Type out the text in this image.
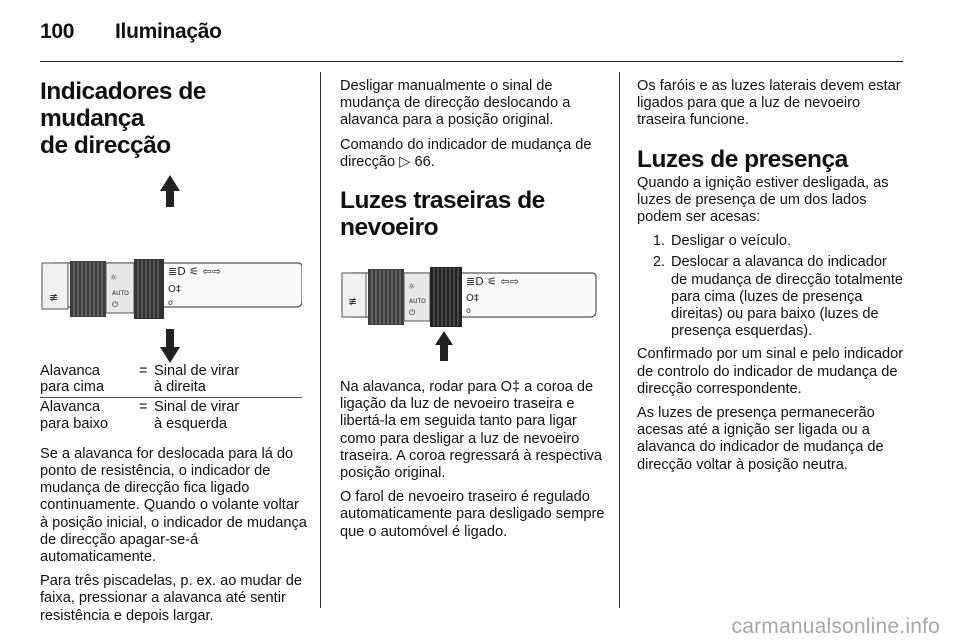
100 Iluminação
Indicadores de mudança
de direcção
≢
☼
AUTO
⏻
≣D ⚟ ⇦⇨
O‡
o
Alavanca
para cima
= Sinal de virar
à direita
Alavanca
para baixo
= Sinal de virar
à esquerda

Se a alavanca for deslocada para lá do ponto de resistência, o indicador de mudança de direcção fica ligado continuamente. Quando o volante voltar à posição inicial, o indicador de mudança de direcção apagar-se-á automaticamente.

Para três piscadelas, p. ex. ao mudar de faixa, pressionar a alavanca até sentir resistência e depois largar.

Desligar manualmente o sinal de mudança de direcção deslocando a alavanca para a posição original.

Comando do indicador de mudança de direcção ▷ 66.

Luzes traseiras de
nevoeiro
≢
☼
AUTO
⏻
≣D ⚟ ⇦⇨
O‡
o

Na alavanca, rodar para O‡ a coroa de ligação da luz de nevoeiro traseira e libertá-la em seguida tanto para ligar como para desligar a luz de nevoeiro traseira. A coroa regressará à respectiva posição original.

O farol de nevoeiro traseiro é regulado automaticamente para desligado sempre que o automóvel é ligado.

Os faróis e as luzes laterais devem estar ligados para que a luz de nevoeiro traseira funcione.

Luzes de presença

Quando a ignição estiver desligada, as luzes de presença de um dos lados podem ser acesas:

1. Desligar o veículo.
2. Deslocar a alavanca do indicador de mudança de direcção totalmente para cima (luzes de presença direitas) ou para baixo (luzes de presença esquerdas).

Confirmado por um sinal e pelo indicador de controlo do indicador de mudança de direcção correspondente.

As luzes de presença permanecerão acesas até a ignição ser ligada ou a alavanca do indicador de mudança de direcção voltar à posição neutra.

carmanualsonline.info
